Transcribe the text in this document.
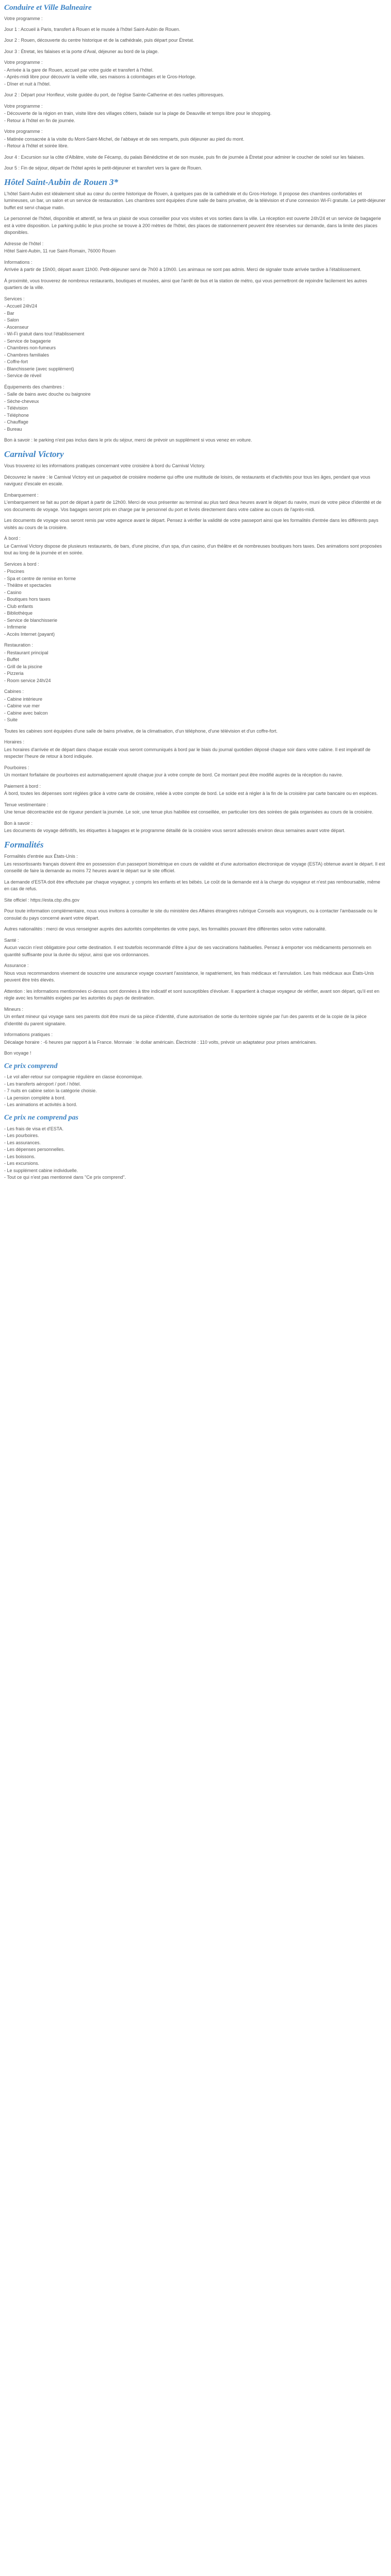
Conduire et Ville Balneaire
Votre programme :
Jour 1 : Accueil à Paris, transfert à Rouen et le musée à l'hôtel Saint-Aubin de Rouen.
Jour 2 : Rouen, découverte du centre historique et de la cathédrale, puis départ pour Étretat.
Jour 3 : Étretat, les falaises et la porte d'Aval, déjeuner au bord de la plage.
Votre programme :
- Arrivée à la gare de Rouen, accueil par votre guide et transfert à l'hôtel.
- Après-midi libre pour découvrir la vieille ville, ses maisons à colombages et le Gros-Horloge.
- Dîner et nuit à l'hôtel.
Jour 2 : Départ pour Honfleur, visite guidée du port, de l'église Sainte-Catherine et des ruelles pittoresques.
Votre programme :
- Découverte de la région en train, visite libre des villages côtiers, balade sur la plage de Deauville et temps libre pour le shopping.
- Retour à l'hôtel en fin de journée.
Votre programme :
- Matinée consacrée à la visite du Mont-Saint-Michel, de l'abbaye et de ses remparts, puis déjeuner au pied du mont.
- Retour à l'hôtel et soirée libre.
Jour 4 : Excursion sur la côte d'Albâtre, visite de Fécamp, du palais Bénédictine et de son musée, puis fin de journée à Étretat pour admirer le coucher de soleil sur les falaises.
Jour 5 : Fin de séjour, départ de l'hôtel après le petit-déjeuner et transfert vers la gare de Rouen.
Hôtel Saint-Aubin de Rouen 3*
L'hôtel Saint-Aubin est idéalement situé au cœur du centre historique de Rouen, à quelques pas de la cathédrale et du Gros-Horloge. Il propose des chambres confortables et lumineuses, un bar, un salon et un service de restauration. Les chambres sont équipées d'une salle de bains privative, de la télévision et d'une connexion Wi-Fi gratuite. Le petit-déjeuner buffet est servi chaque matin.
Le personnel de l'hôtel, disponible et attentif, se fera un plaisir de vous conseiller pour vos visites et vos sorties dans la ville. La réception est ouverte 24h/24 et un service de bagagerie est à votre disposition. Le parking public le plus proche se trouve à 200 mètres de l'hôtel, des places de stationnement peuvent être réservées sur demande, dans la limite des places disponibles.
Adresse de l'hôtel :
Hôtel Saint-Aubin, 11 rue Saint-Romain, 76000 Rouen
Informations :
Arrivée à partir de 15h00, départ avant 11h00. Petit-déjeuner servi de 7h00 à 10h00. Les animaux ne sont pas admis. Merci de signaler toute arrivée tardive à l'établissement.
À proximité, vous trouverez de nombreux restaurants, boutiques et musées, ainsi que l'arrêt de bus et la station de métro, qui vous permettront de rejoindre facilement les autres quartiers de la ville.
Services :
- Accueil 24h/24
- Bar
- Salon
- Ascenseur
- Wi-Fi gratuit dans tout l'établissement
- Service de bagagerie
- Chambres non-fumeurs
- Chambres familiales
- Coffre-fort
- Blanchisserie (avec supplément)
- Service de réveil
Équipements des chambres :
- Salle de bains avec douche ou baignoire
- Sèche-cheveux
- Télévision
- Téléphone
- Chauffage
- Bureau
Bon à savoir : le parking n'est pas inclus dans le prix du séjour, merci de prévoir un supplément si vous venez en voiture.
Carnival Victory
Vous trouverez ici les informations pratiques concernant votre croisière à bord du Carnival Victory.
Découvrez le navire : le Carnival Victory est un paquebot de croisière moderne qui offre une multitude de loisirs, de restaurants et d'activités pour tous les âges, pendant que vous naviguez d'escale en escale.
Embarquement :
L'embarquement se fait au port de départ à partir de 12h00. Merci de vous présenter au terminal au plus tard deux heures avant le départ du navire, muni de votre pièce d'identité et de vos documents de voyage. Vos bagages seront pris en charge par le personnel du port et livrés directement dans votre cabine au cours de l'après-midi.
Les documents de voyage vous seront remis par votre agence avant le départ. Pensez à vérifier la validité de votre passeport ainsi que les formalités d'entrée dans les différents pays visités au cours de la croisière.
À bord :
Le Carnival Victory dispose de plusieurs restaurants, de bars, d'une piscine, d'un spa, d'un casino, d'un théâtre et de nombreuses boutiques hors taxes. Des animations sont proposées tout au long de la journée et en soirée.
Services à bord :
- Piscines
- Spa et centre de remise en forme
- Théâtre et spectacles
- Casino
- Boutiques hors taxes
- Club enfants
- Bibliothèque
- Service de blanchisserie
- Infirmerie
- Accès Internet (payant)
Restauration :
- Restaurant principal
- Buffet
- Grill de la piscine
- Pizzeria
- Room service 24h/24
Cabines :
- Cabine intérieure
- Cabine vue mer
- Cabine avec balcon
- Suite
Toutes les cabines sont équipées d'une salle de bains privative, de la climatisation, d'un téléphone, d'une télévision et d'un coffre-fort.
Horaires :
Les horaires d'arrivée et de départ dans chaque escale vous seront communiqués à bord par le biais du journal quotidien déposé chaque soir dans votre cabine. Il est impératif de respecter l'heure de retour à bord indiquée.
Pourboires :
Un montant forfaitaire de pourboires est automatiquement ajouté chaque jour à votre compte de bord. Ce montant peut être modifié auprès de la réception du navire.
Paiement à bord :
À bord, toutes les dépenses sont réglées grâce à votre carte de croisière, reliée à votre compte de bord. Le solde est à régler à la fin de la croisière par carte bancaire ou en espèces.
Tenue vestimentaire :
Une tenue décontractée est de rigueur pendant la journée. Le soir, une tenue plus habillée est conseillée, en particulier lors des soirées de gala organisées au cours de la croisière.
Bon à savoir :
Les documents de voyage définitifs, les étiquettes à bagages et le programme détaillé de la croisière vous seront adressés environ deux semaines avant votre départ.
Formalités
Formalités d'entrée aux États-Unis :
Les ressortissants français doivent être en possession d'un passeport biométrique en cours de validité et d'une autorisation électronique de voyage (ESTA) obtenue avant le départ. Il est conseillé de faire la demande au moins 72 heures avant le départ sur le site officiel.
La demande d'ESTA doit être effectuée par chaque voyageur, y compris les enfants et les bébés. Le coût de la demande est à la charge du voyageur et n'est pas remboursable, même en cas de refus.
Site officiel : https://esta.cbp.dhs.gov
Pour toute information complémentaire, nous vous invitons à consulter le site du ministère des Affaires étrangères rubrique Conseils aux voyageurs, ou à contacter l'ambassade ou le consulat du pays concerné avant votre départ.
Autres nationalités : merci de vous renseigner auprès des autorités compétentes de votre pays, les formalités pouvant être différentes selon votre nationalité.
Santé :
Aucun vaccin n'est obligatoire pour cette destination. Il est toutefois recommandé d'être à jour de ses vaccinations habituelles. Pensez à emporter vos médicaments personnels en quantité suffisante pour la durée du séjour, ainsi que vos ordonnances.
Assurance :
Nous vous recommandons vivement de souscrire une assurance voyage couvrant l'assistance, le rapatriement, les frais médicaux et l'annulation. Les frais médicaux aux États-Unis peuvent être très élevés.
Attention : les informations mentionnées ci-dessus sont données à titre indicatif et sont susceptibles d'évoluer. Il appartient à chaque voyageur de vérifier, avant son départ, qu'il est en règle avec les formalités exigées par les autorités du pays de destination.
Mineurs :
Un enfant mineur qui voyage sans ses parents doit être muni de sa pièce d'identité, d'une autorisation de sortie du territoire signée par l'un des parents et de la copie de la pièce d'identité du parent signataire.
Informations pratiques :
Décalage horaire : -6 heures par rapport à la France. Monnaie : le dollar américain. Électricité : 110 volts, prévoir un adaptateur pour prises américaines.
Bon voyage !
Ce prix comprend
- Le vol aller-retour sur compagnie régulière en classe économique.
- Les transferts aéroport / port / hôtel.
- 7 nuits en cabine selon la catégorie choisie.
- La pension complète à bord.
- Les animations et activités à bord.
Ce prix ne comprend pas
- Les frais de visa et d'ESTA.
- Les pourboires.
- Les assurances.
- Les dépenses personnelles.
- Les boissons.
- Les excursions.
- Le supplément cabine individuelle.
- Tout ce qui n'est pas mentionné dans "Ce prix comprend".
